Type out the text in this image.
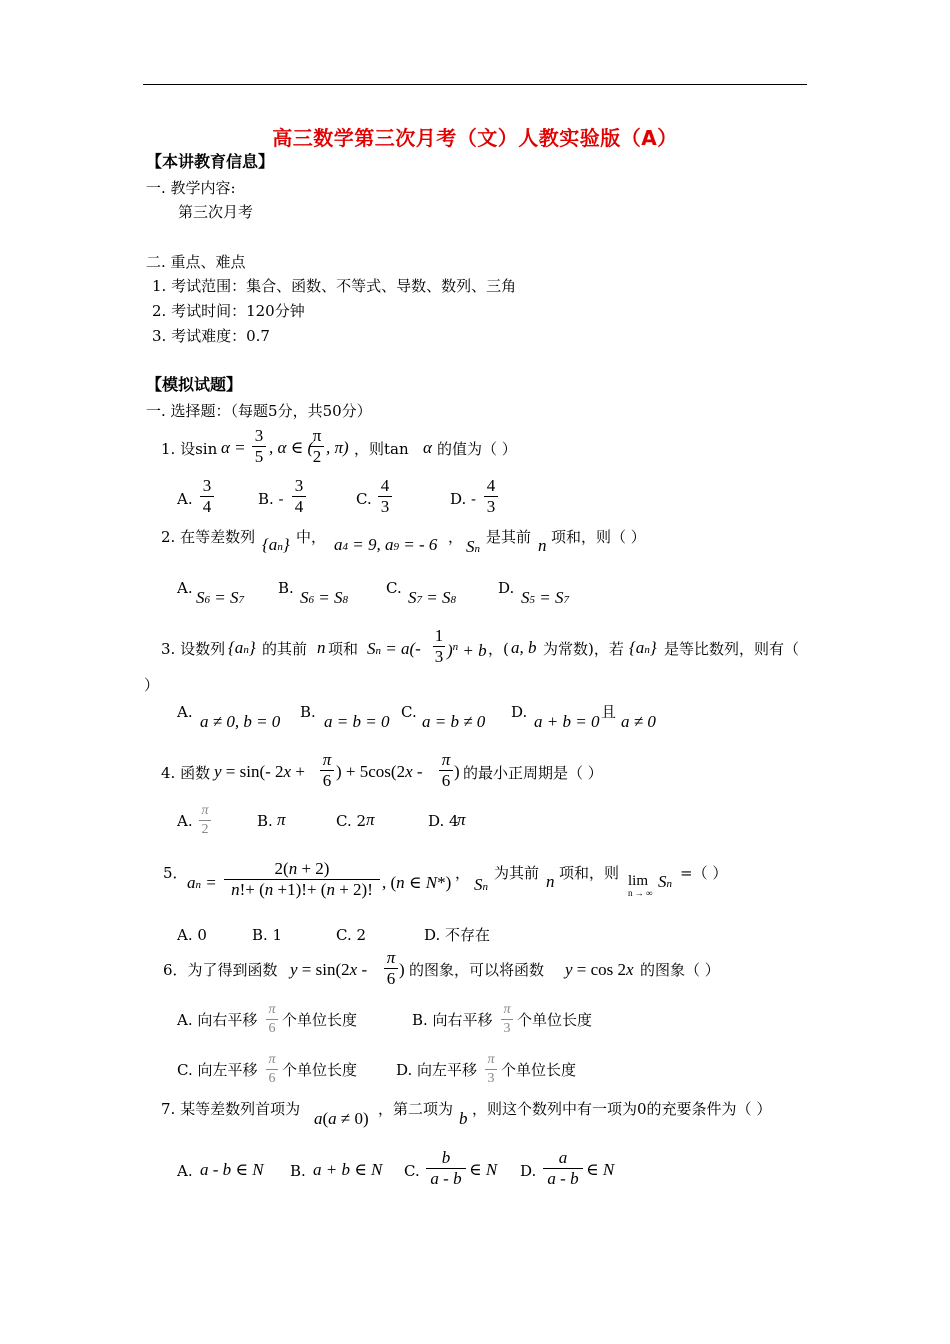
高三数学第三次月考（文）人教实验版（A）
【本讲教育信息】
一. 教学内容:
第三次月考
二. 重点、难点
1. 考试范围：集合、函数、不等式、导数、数列、三角
2. 考试时间：120分钟
3. 考试难度：0.7
【模拟试题】
一. 选择题：（每题5分，共50分）
1. 设sin α =
3
5 , α ∈ (
π
2 , π) ，则tan α 的值为（ ）
A.
3
4	B. -
3
4	C.
4
3	D. -
4
3
2. 在等差数列 {an} 中， a4 = 9, a9 = - 6 ， Sn
是其前 n 项和，则（ ）
A. S6 = S7
B. S6 = S8
C. S7 = S8
D. S5 = S7
3. 设数列 {an} 的其前 n 项和 Sn = a(-
1
3 )$^n$ + b ，( a, b 为常数)，若 {an} 是等比数列，则有（
）
A. a ≠ 0, b = 0 B. a = b = 0 C. a = b ≠ 0 D. a + b = 0 且 a ≠ 0
4. 函数 y = sin(- 2x +
π
6 ) + 5cos(2x -
π
6 ) 的最小正周期是（ ）
A.
π
2	B. π	C. 2 π	D. 4
π
5． an =
2(n + 2)
n!+ (n +1)!+ (n + 2)! , (n ∈ N*) ，
Sn
为其前 n 项和，则 lim
n → ∞
Sn
=（ ）
A. 0	B. 1	C. 2	D. 不存在
6．为了得到函数 y = sin(2x -
π
6 ) 的图象，可以将函数 y = cos 2x 的图象（ ）
A. 向右平移
π
6 个单位长度	B. 向右平移
π
3 个单位长度
C. 向左平移
π
6 个单位长度	D. 向左平移
π
3 个单位长度
7. 某等差数列首项为 a(a ≠ 0) ，第二项为 b ，则这个数列中有一项为0的充要条件为（ ）
A. a - b ∈ N B. a + b ∈ N C.
b
a - b ∈ N D.
a
a - b ∈ N
